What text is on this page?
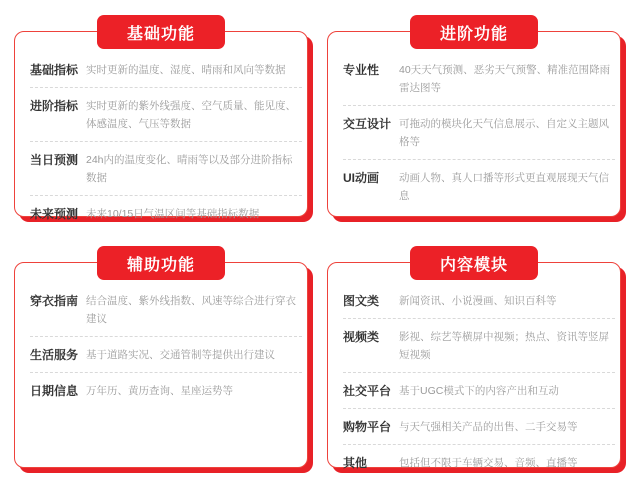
基础功能
基础指标 实时更新的温度、湿度、晴雨和风向等数据
进阶指标 实时更新的紫外线强度、空气质量、能见度、体感温度、气压等数据
当日预测 24h内的温度变化、晴雨等以及部分进阶指标数据
未来预测 未来10/15日气温区间等基础指标数据
进阶功能
专业性	40天天气预测、恶劣天气预警、精准范围降雨雷达图等
交互设计 可拖动的模块化天气信息展示、自定义主题风格等
UI动画	动画人物、真人口播等形式更直观展现天气信息
辅助功能
穿衣指南 结合温度、紫外线指数、风速等综合进行穿衣建议
生活服务 基于道路实况、交通管制等提供出行建议
日期信息 万年历、黄历查询、星座运势等
内容模块
图文类	新闻资讯、小说漫画、知识百科等
视频类	影视、综艺等横屏中视频；热点、资讯等竖屏短视频
社交平台 基于UGC模式下的内容产出和互动
购物平台 与天气强相关产品的出售、二手交易等
其他	包括但不限于车辆交易、音频、直播等
